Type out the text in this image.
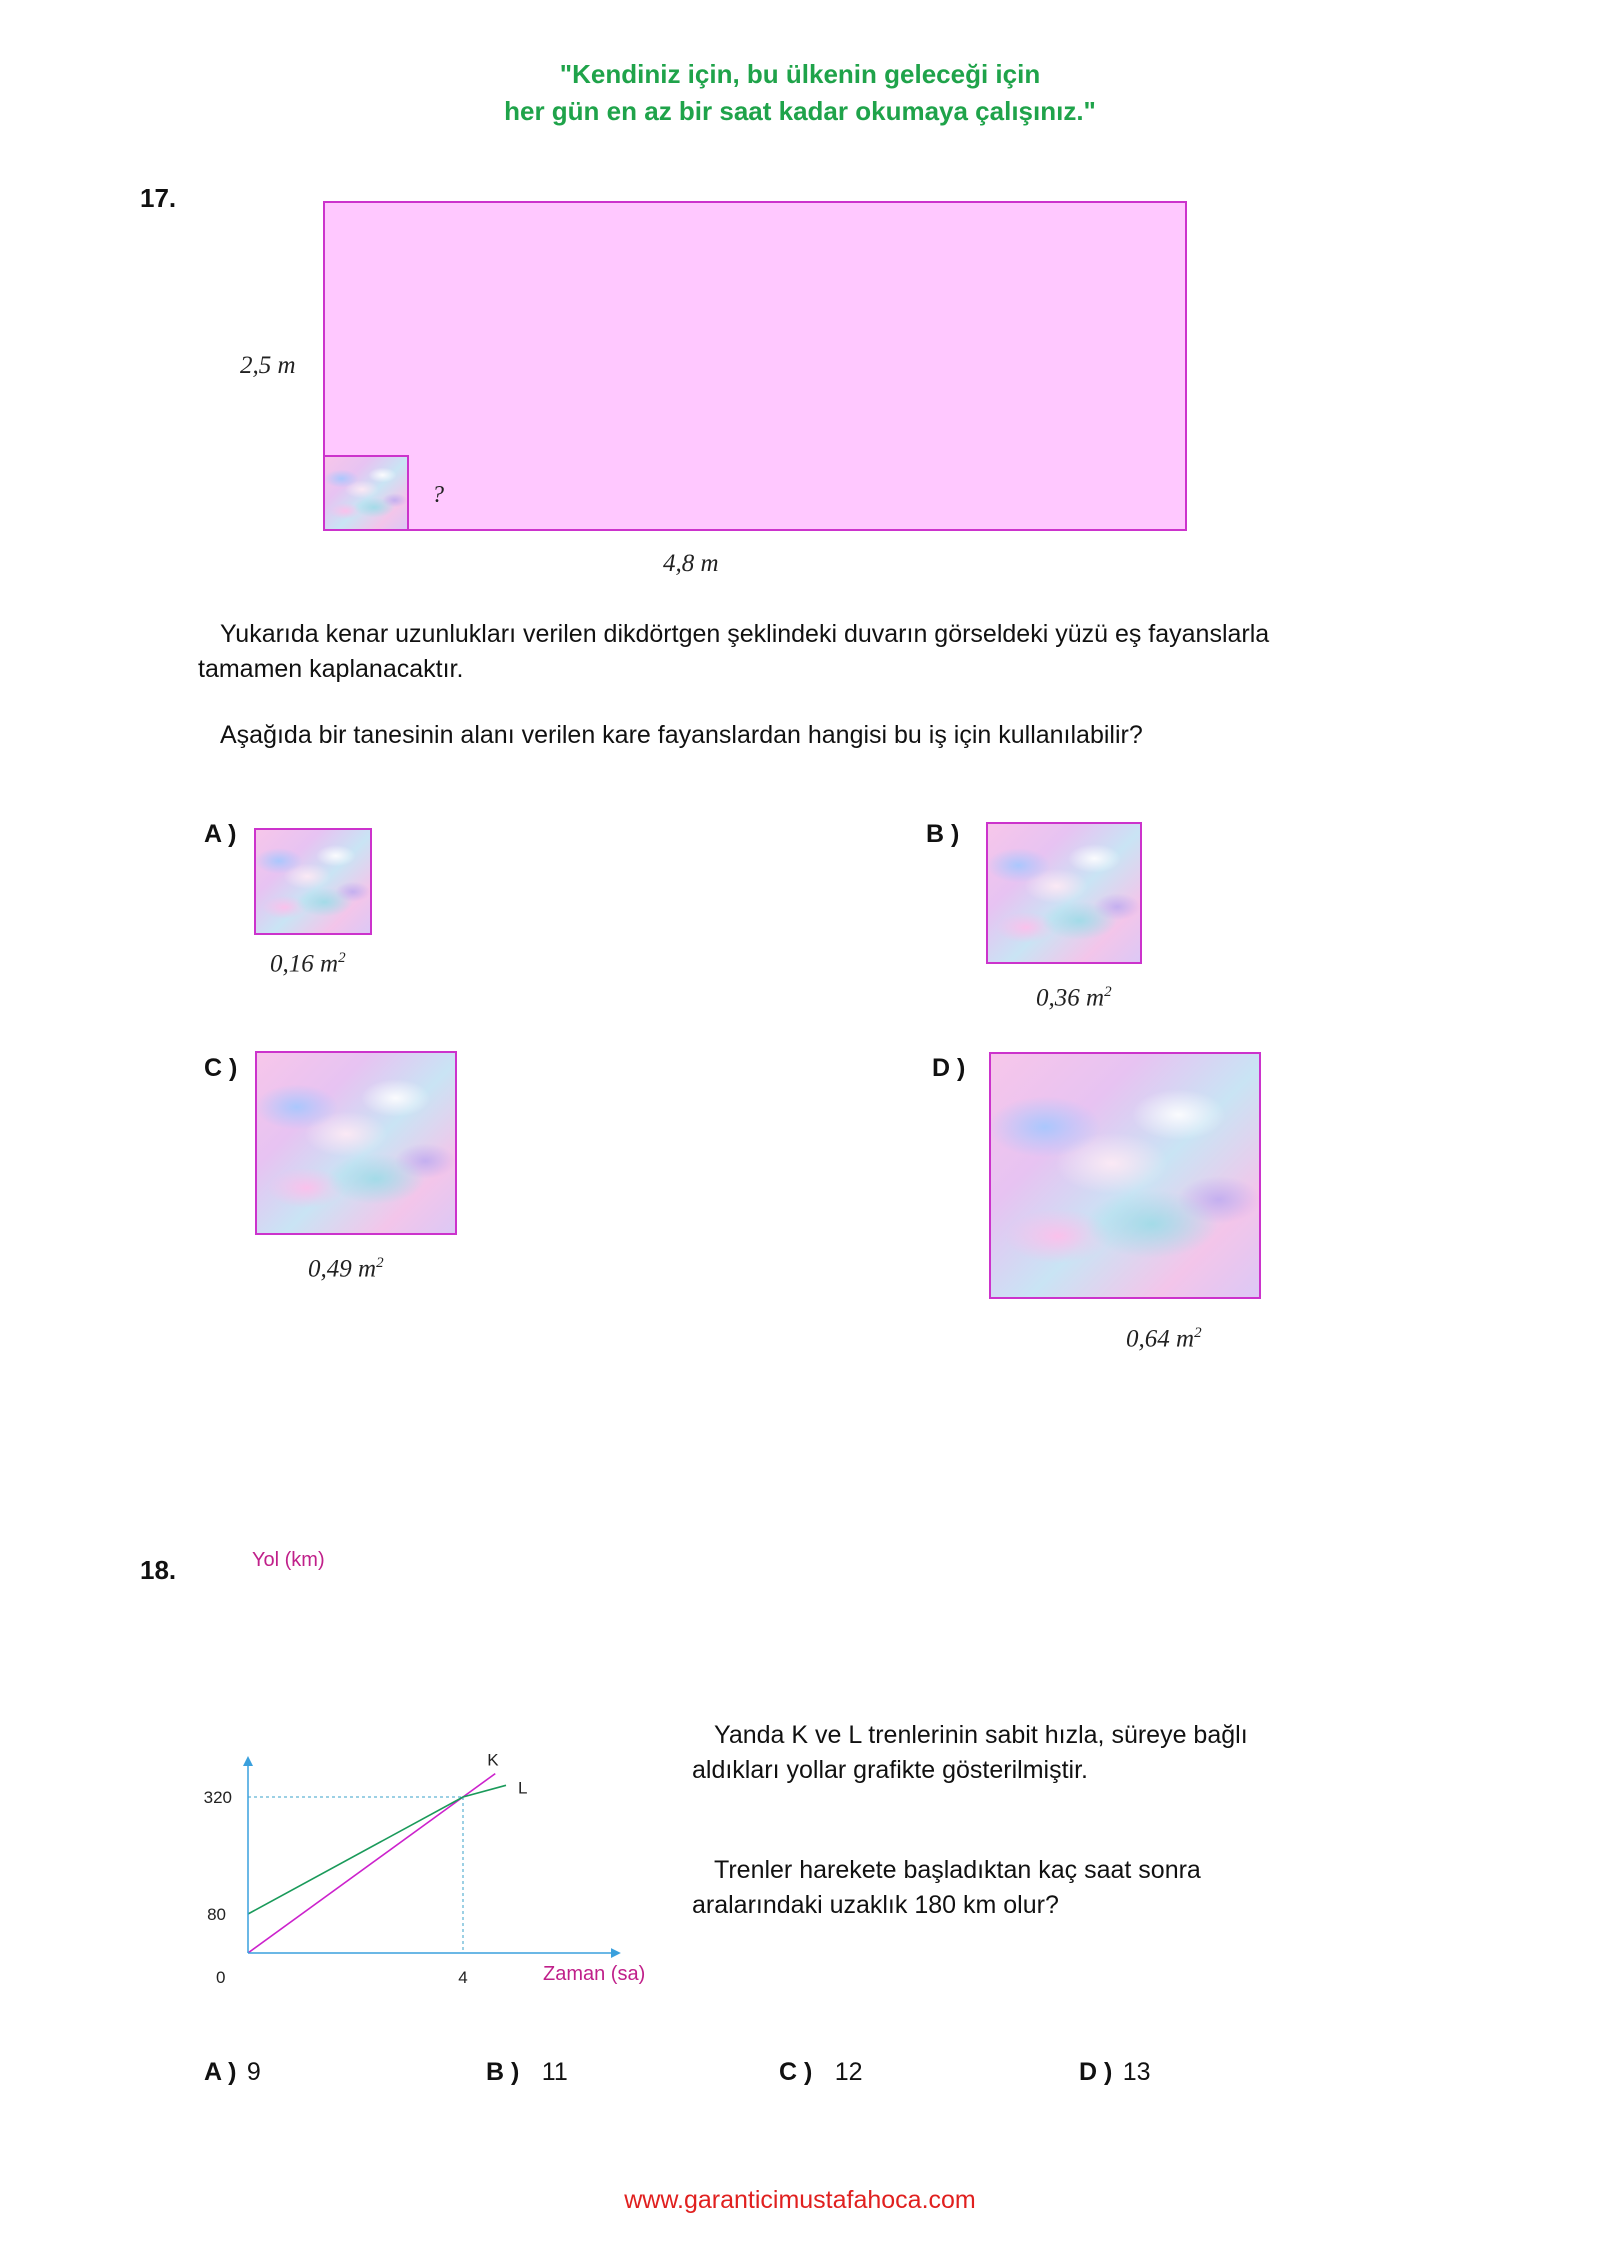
"Kendiniz için, bu ülkenin geleceği için
her gün en az bir saat kadar okumaya çalışınız."
17.
2,5 m
?
4,8 m
Yukarıda kenar uzunlukları verilen dikdörtgen şeklindeki duvarın görseldeki yüzü eş fayanslarla
tamamen kaplanacaktır.
Aşağıda bir tanesinin alanı verilen kare fayanslardan hangisi bu iş için kullanılabilir?
A )
0,16 $m^2$
B )
0,36 $m^2$
C )
0,49 $m^2$
D )
0,64 $m^2$
18.
K
L
320
80
4
0
Yol (km)
Zaman (sa)
Yanda K ve L trenlerinin sabit hızla, süreye bağlı
aldıkları yollar grafikte gösterilmiştir.
Trenler harekete başladıktan kaç saat sonra
aralarındaki uzaklık 180 km olur?
A ) 9	B ) 11	C ) 12	D ) 13
www.garanticimustafahoca.com
